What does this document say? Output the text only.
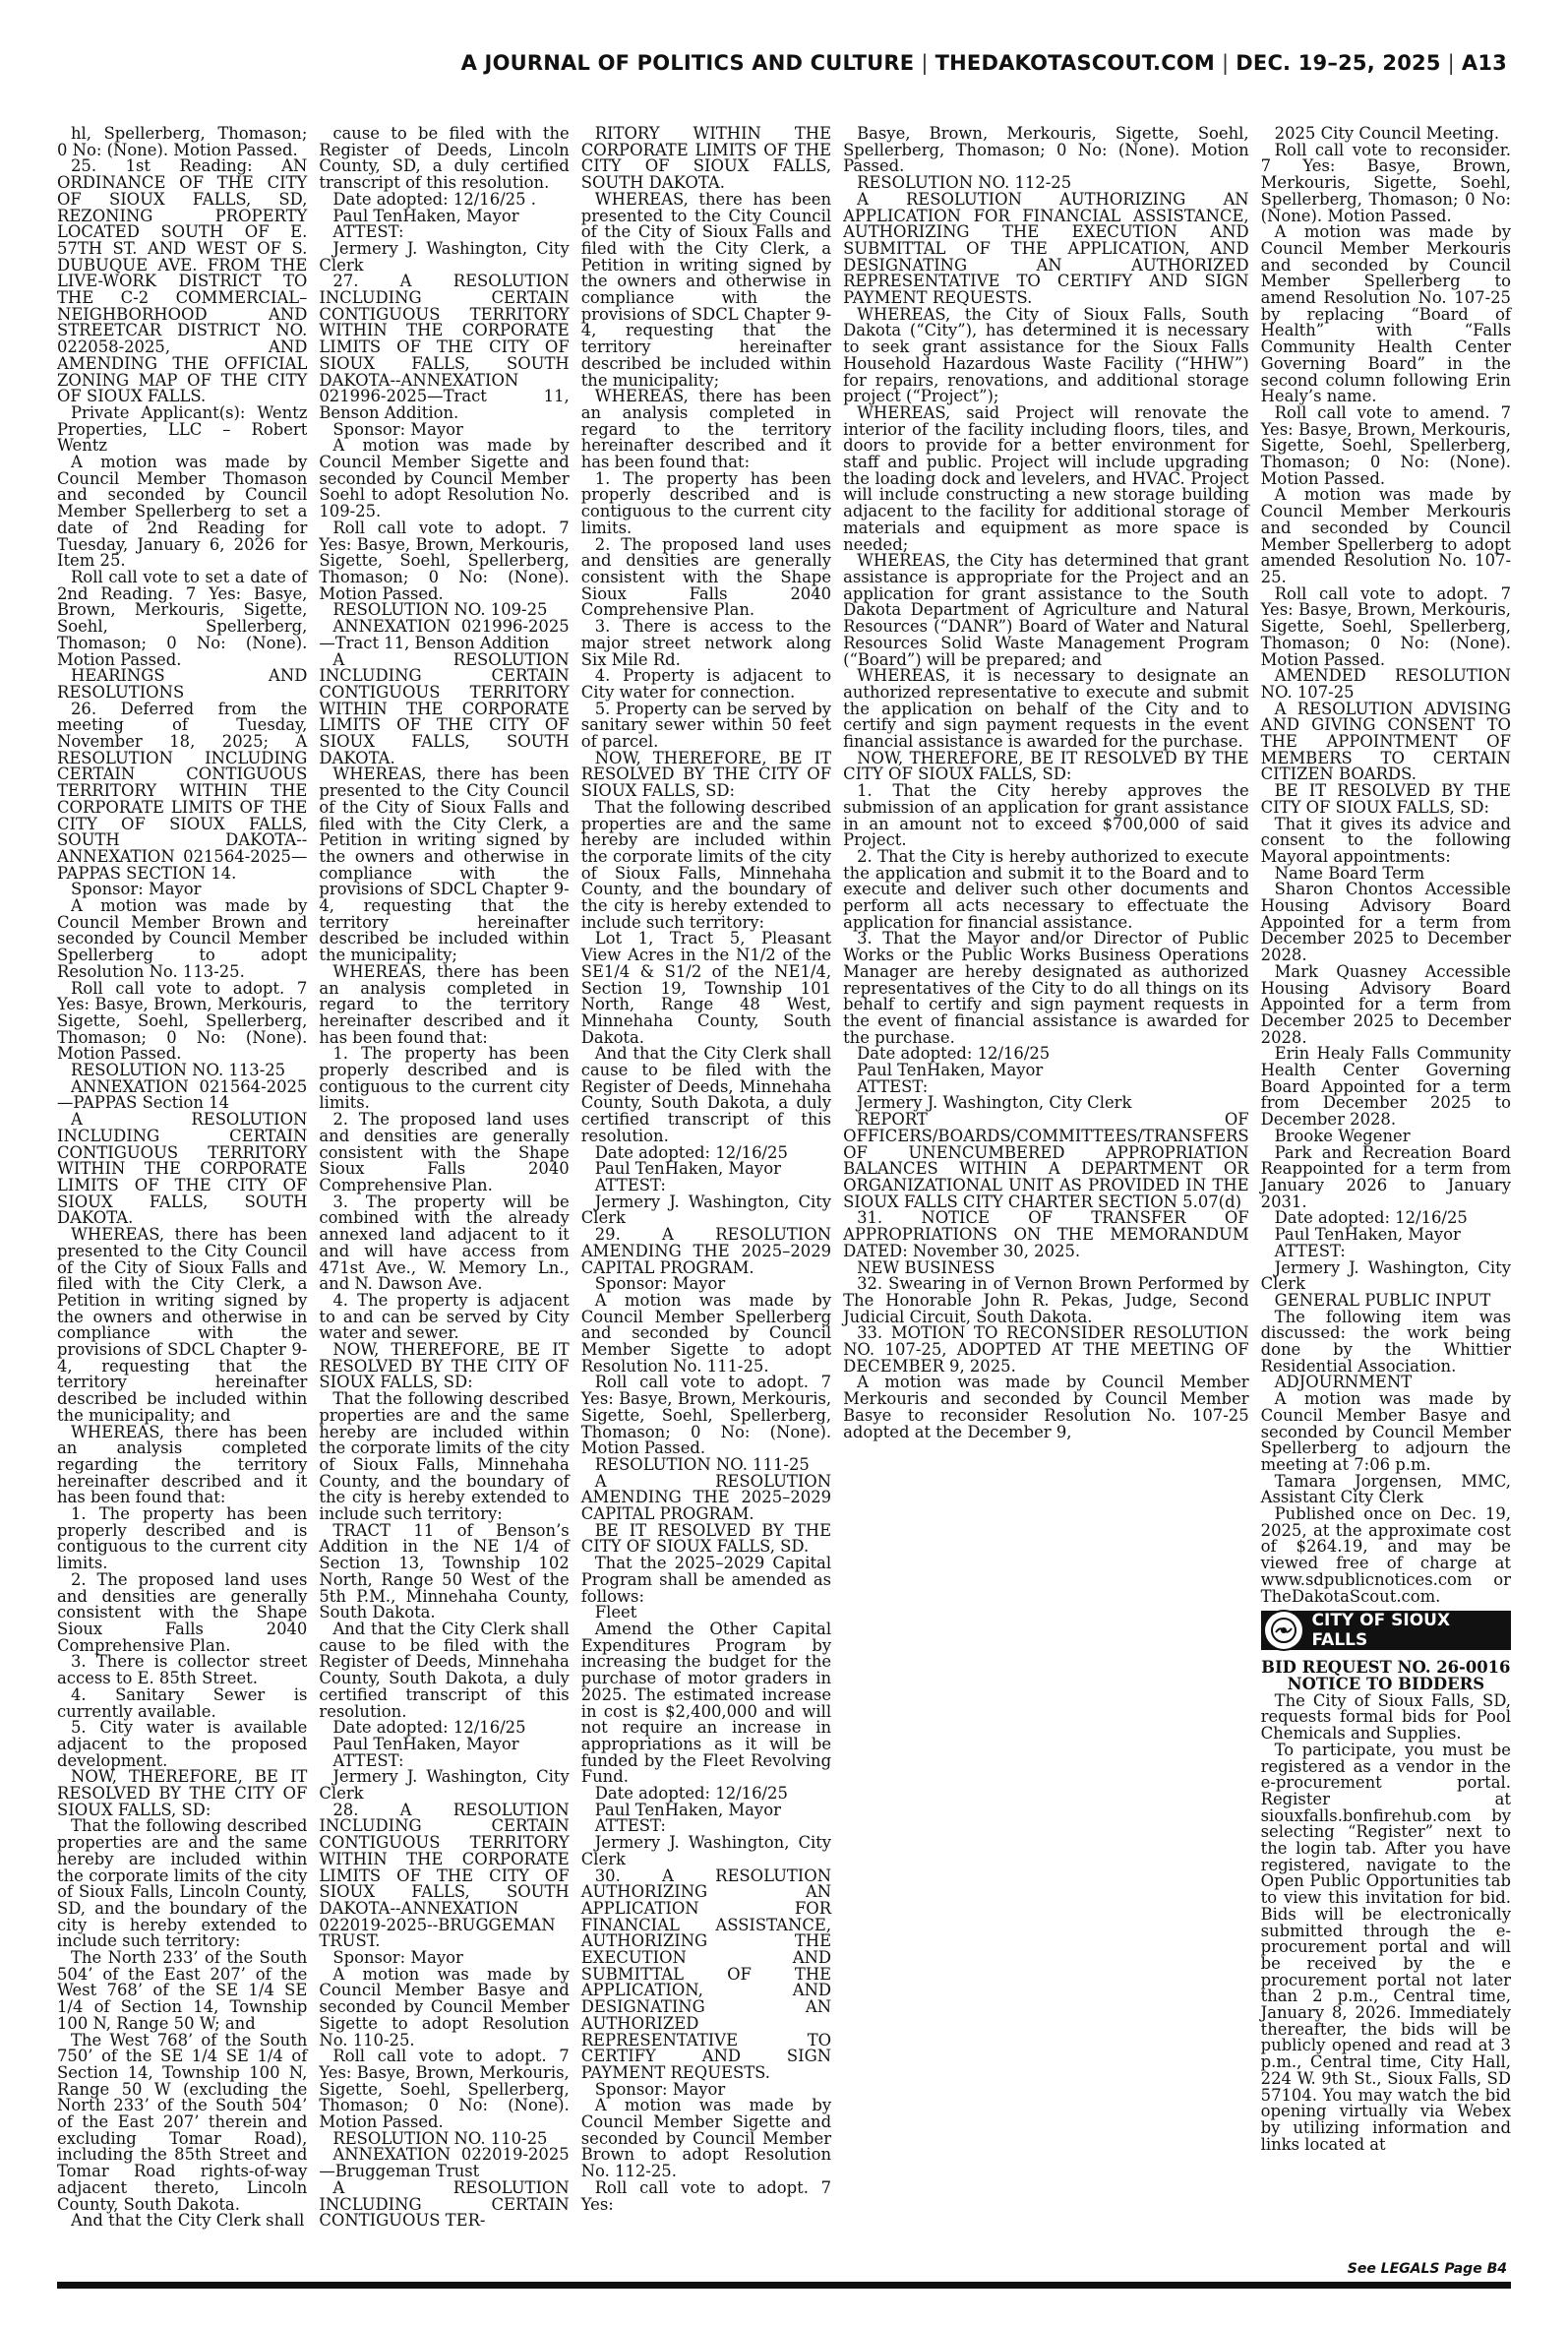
A JOURNAL OF POLITICS AND CULTURE | THEDAKOTASCOUT.COM | DEC. 19–25, 2025 | A13

hl, Spellerberg, Thomason; 0 No: (None). Motion Passed.

25. 1st Reading: AN ORDINANCE OF THE CITY OF SIOUX FALLS, SD, REZONING PROPERTY LOCATED SOUTH OF E. 57TH ST. AND WEST OF S. DUBUQUE AVE. FROM THE LIVE-WORK DISTRICT TO THE C-2 COMMERCIAL–NEIGHBORHOOD AND STREETCAR DISTRICT NO. 022058-2025, AND AMENDING THE OFFICIAL ZONING MAP OF THE CITY OF SIOUX FALLS.

Private Applicant(s): Wentz Properties, LLC – Robert Wentz

A motion was made by Council Member Thomason and seconded by Council Member Spellerberg to set a date of 2nd Reading for Tuesday, January 6, 2026 for Item 25.

Roll call vote to set a date of 2nd Reading. 7 Yes: Basye, Brown, Merkouris, Sigette, Soehl, Spellerberg, Thomason; 0 No: (None). Motion Passed.

HEARINGS AND RESOLUTIONS

26. Deferred from the meeting of Tuesday, November 18, 2025; A RESOLUTION INCLUDING CERTAIN CONTIGUOUS TERRITORY WITHIN THE CORPORATE LIMITS OF THE CITY OF SIOUX FALLS, SOUTH DAKOTA--ANNEXATION 021564-2025—PAPPAS SECTION 14.

Sponsor: Mayor

A motion was made by Council Member Brown and seconded by Council Member Spellerberg to adopt Resolution No. 113-25.

Roll call vote to adopt. 7 Yes: Basye, Brown, Merkouris, Sigette, Soehl, Spellerberg, Thomason; 0 No: (None). Motion Passed.

RESOLUTION NO. 113-25

ANNEXATION 021564-2025—PAPPAS Section 14

A RESOLUTION INCLUDING CERTAIN CONTIGUOUS TERRITORY WITHIN THE CORPORATE LIMITS OF THE CITY OF SIOUX FALLS, SOUTH DAKOTA.

WHEREAS, there has been presented to the City Council of the City of Sioux Falls and filed with the City Clerk, a Petition in writing signed by the owners and otherwise in compliance with the provisions of SDCL Chapter 9-4, requesting that the territory hereinafter described be included within the municipality; and

WHEREAS, there has been an analysis completed regarding the territory hereinafter described and it has been found that:

1. The property has been properly described and is contiguous to the current city limits.

2. The proposed land uses and densities are generally consistent with the Shape Sioux Falls 2040 Comprehensive Plan.

3. There is collector street access to E. 85th Street.

4. Sanitary Sewer is currently available.

5. City water is available adjacent to the proposed development.

NOW, THEREFORE, BE IT RESOLVED BY THE CITY OF SIOUX FALLS, SD:

That the following described properties are and the same hereby are included within the corporate limits of the city of Sioux Falls, Lincoln County, SD, and the boundary of the city is hereby extended to include such territory:

The North 233’ of the South 504’ of the East 207’ of the West 768’ of the SE 1/4 SE 1/4 of Section 14, Township 100 N, Range 50 W; and

The West 768’ of the South 750’ of the SE 1/4 SE 1/4 of Section 14, Township 100 N, Range 50 W (excluding the North 233’ of the South 504’ of the East 207’ therein and excluding Tomar Road), including the 85th Street and Tomar Road rights-of-way adjacent thereto, Lincoln County, South Dakota.

And that the City Clerk shall

cause to be filed with the Register of Deeds, Lincoln County, SD, a duly certified transcript of this resolution.

Date adopted: 12/16/25 .

Paul TenHaken, Mayor

ATTEST:

Jermery J. Washington, City Clerk

27. A RESOLUTION INCLUDING CERTAIN CONTIGUOUS TERRITORY WITHIN THE CORPORATE LIMITS OF THE CITY OF SIOUX FALLS, SOUTH DAKOTA--ANNEXATION 021996-2025—Tract 11, Benson Addition.

Sponsor: Mayor

A motion was made by Council Member Sigette and seconded by Council Member Soehl to adopt Resolution No. 109-25.

Roll call vote to adopt. 7 Yes: Basye, Brown, Merkouris, Sigette, Soehl, Spellerberg, Thomason; 0 No: (None). Motion Passed.

RESOLUTION NO. 109-25

ANNEXATION 021996-2025—Tract 11, Benson Addition

A RESOLUTION INCLUDING CERTAIN CONTIGUOUS TERRITORY WITHIN THE CORPORATE LIMITS OF THE CITY OF SIOUX FALLS, SOUTH DAKOTA.

WHEREAS, there has been presented to the City Council of the City of Sioux Falls and filed with the City Clerk, a Petition in writing signed by the owners and otherwise in compliance with the provisions of SDCL Chapter 9-4, requesting that the territory hereinafter described be included within the municipality;

WHEREAS, there has been an analysis completed in regard to the territory hereinafter described and it has been found that:

1. The property has been properly described and is contiguous to the current city limits.

2. The proposed land uses and densities are generally consistent with the Shape Sioux Falls 2040 Comprehensive Plan.

3. The property will be combined with the already annexed land adjacent to it and will have access from 471st Ave., W. Memory Ln., and N. Dawson Ave.

4. The property is adjacent to and can be served by City water and sewer.

NOW, THEREFORE, BE IT RESOLVED BY THE CITY OF SIOUX FALLS, SD:

That the following described properties are and the same hereby are included within the corporate limits of the city of Sioux Falls, Minnehaha County, and the boundary of the city is hereby extended to include such territory:

TRACT 11 of Benson’s Addition in the NE 1/4 of Section 13, Township 102 North, Range 50 West of the 5th P.M., Minnehaha County, South Dakota.

And that the City Clerk shall cause to be filed with the Register of Deeds, Minnehaha County, South Dakota, a duly certified transcript of this resolution.

Date adopted: 12/16/25

Paul TenHaken, Mayor

ATTEST:

Jermery J. Washington, City Clerk

28. A RESOLUTION INCLUDING CERTAIN CONTIGUOUS TERRITORY WITHIN THE CORPORATE LIMITS OF THE CITY OF SIOUX FALLS, SOUTH DAKOTA--ANNEXATION 022019-2025--BRUGGEMAN TRUST.

Sponsor: Mayor

A motion was made by Council Member Basye and seconded by Council Member Sigette to adopt Resolution No. 110-25.

Roll call vote to adopt. 7 Yes: Basye, Brown, Merkouris, Sigette, Soehl, Spellerberg, Thomason; 0 No: (None). Motion Passed.

RESOLUTION NO. 110-25

ANNEXATION 022019-2025—Bruggeman Trust

A RESOLUTION INCLUDING CERTAIN CONTIGUOUS TER-

RITORY WITHIN THE CORPORATE LIMITS OF THE CITY OF SIOUX FALLS, SOUTH DAKOTA.

WHEREAS, there has been presented to the City Council of the City of Sioux Falls and filed with the City Clerk, a Petition in writing signed by the owners and otherwise in compliance with the provisions of SDCL Chapter 9-4, requesting that the territory hereinafter described be included within the municipality;

WHEREAS, there has been an analysis completed in regard to the territory hereinafter described and it has been found that:

1. The property has been properly described and is contiguous to the current city limits.

2. The proposed land uses and densities are generally consistent with the Shape Sioux Falls 2040 Comprehensive Plan.

3. There is access to the major street network along Six Mile Rd.

4. Property is adjacent to City water for connection.

5. Property can be served by sanitary sewer within 50 feet of parcel.

NOW, THEREFORE, BE IT RESOLVED BY THE CITY OF SIOUX FALLS, SD:

That the following described properties are and the same hereby are included within the corporate limits of the city of Sioux Falls, Minnehaha County, and the boundary of the city is hereby extended to include such territory:

Lot 1, Tract 5, Pleasant View Acres in the N1/2 of the SE1/4 & S1/2 of the NE1/4, Section 19, Township 101 North, Range 48 West, Minnehaha County, South Dakota.

And that the City Clerk shall cause to be filed with the Register of Deeds, Minnehaha County, South Dakota, a duly certified transcript of this resolution.

Date adopted: 12/16/25

Paul TenHaken, Mayor

ATTEST:

Jermery J. Washington, City Clerk

29. A RESOLUTION AMENDING THE 2025–2029 CAPITAL PROGRAM.

Sponsor: Mayor

A motion was made by Council Member Spellerberg and seconded by Council Member Sigette to adopt Resolution No. 111-25.

Roll call vote to adopt. 7 Yes: Basye, Brown, Merkouris, Sigette, Soehl, Spellerberg, Thomason; 0 No: (None). Motion Passed.

RESOLUTION NO. 111-25

A RESOLUTION AMENDING THE 2025–2029 CAPITAL PROGRAM.

BE IT RESOLVED BY THE CITY OF SIOUX FALLS, SD.

That the 2025–2029 Capital Program shall be amended as follows:

Fleet

Amend the Other Capital Expenditures Program by increasing the budget for the purchase of motor graders in 2025. The estimated increase in cost is $2,400,000 and will not require an increase in appropriations as it will be funded by the Fleet Revolving Fund.

Date adopted: 12/16/25

Paul TenHaken, Mayor

ATTEST:

Jermery J. Washington, City Clerk

30. A RESOLUTION AUTHORIZING AN APPLICATION FOR FINANCIAL ASSISTANCE, AUTHORIZING THE EXECUTION AND SUBMITTAL OF THE APPLICATION, AND DESIGNATING AN AUTHORIZED REPRESENTATIVE TO CERTIFY AND SIGN PAYMENT REQUESTS.

Sponsor: Mayor

A motion was made by Council Member Sigette and seconded by Council Member Brown to adopt Resolution No. 112-25.

Roll call vote to adopt. 7 Yes:

Basye, Brown, Merkouris, Sigette, Soehl, Spellerberg, Thomason; 0 No: (None). Motion Passed.

RESOLUTION NO. 112-25

A RESOLUTION AUTHORIZING AN APPLICATION FOR FINANCIAL ASSISTANCE, AUTHORIZING THE EXECUTION AND SUBMITTAL OF THE APPLICATION, AND DESIGNATING AN AUTHORIZED REPRESENTATIVE TO CERTIFY AND SIGN PAYMENT REQUESTS.

WHEREAS, the City of Sioux Falls, South Dakota (“City”), has determined it is necessary to seek grant assistance for the Sioux Falls Household Hazardous Waste Facility (“HHW”) for repairs, renovations, and additional storage project (“Project”);

WHEREAS, said Project will renovate the interior of the facility including floors, tiles, and doors to provide for a better environment for staff and public. Project will include upgrading the loading dock and levelers, and HVAC. Project will include constructing a new storage building adjacent to the facility for additional storage of materials and equipment as more space is needed;

WHEREAS, the City has determined that grant assistance is appropriate for the Project and an application for grant assistance to the South Dakota Department of Agriculture and Natural Resources (“DANR”) Board of Water and Natural Resources Solid Waste Management Program (“Board”) will be prepared; and

WHEREAS, it is necessary to designate an authorized representative to execute and submit the application on behalf of the City and to certify and sign payment requests in the event financial assistance is awarded for the purchase.

NOW, THEREFORE, BE IT RESOLVED BY THE CITY OF SIOUX FALLS, SD:

1. That the City hereby approves the submission of an application for grant assistance in an amount not to exceed $700,000 of said Project.

2. That the City is hereby authorized to execute the application and submit it to the Board and to execute and deliver such other documents and perform all acts necessary to effectuate the application for financial assistance.

3. That the Mayor and/or Director of Public Works or the Public Works Business Operations Manager are hereby designated as authorized representatives of the City to do all things on its behalf to certify and sign payment requests in the event of financial assistance is awarded for the purchase.

Date adopted: 12/16/25

Paul TenHaken, Mayor

ATTEST:

Jermery J. Washington, City Clerk

REPORT OF OFFICERS/BOARDS/COMMITTEES/TRANSFERS OF UNENCUMBERED APPROPRIATION BALANCES WITHIN A DEPARTMENT OR ORGANIZATIONAL UNIT AS PROVIDED IN THE SIOUX FALLS CITY CHARTER SECTION 5.07(d)

31. NOTICE OF TRANSFER OF APPROPRIATIONS ON THE MEMORANDUM DATED: November 30, 2025.

NEW BUSINESS

32. Swearing in of Vernon Brown Performed by The Honorable John R. Pekas, Judge, Second Judicial Circuit, South Dakota.

33. MOTION TO RECONSIDER RESOLUTION NO. 107-25, ADOPTED AT THE MEETING OF DECEMBER 9, 2025.

A motion was made by Council Member Merkouris and seconded by Council Member Basye to reconsider Resolution No. 107-25 adopted at the December 9,

2025 City Council Meeting.

Roll call vote to reconsider. 7 Yes: Basye, Brown, Merkouris, Sigette, Soehl, Spellerberg, Thomason; 0 No: (None). Motion Passed.

A motion was made by Council Member Merkouris and seconded by Council Member Spellerberg to amend Resolution No. 107-25 by replacing “Board of Health” with “Falls Community Health Center Governing Board” in the second column following Erin Healy’s name.

Roll call vote to amend. 7 Yes: Basye, Brown, Merkouris, Sigette, Soehl, Spellerberg, Thomason; 0 No: (None). Motion Passed.

A motion was made by Council Member Merkouris and seconded by Council Member Spellerberg to adopt amended Resolution No. 107-25.

Roll call vote to adopt. 7 Yes: Basye, Brown, Merkouris, Sigette, Soehl, Spellerberg, Thomason; 0 No: (None). Motion Passed.

AMENDED RESOLUTION NO. 107-25

A RESOLUTION ADVISING AND GIVING CONSENT TO THE APPOINTMENT OF MEMBERS TO CERTAIN CITIZEN BOARDS.

BE IT RESOLVED BY THE CITY OF SIOUX FALLS, SD:

That it gives its advice and consent to the following Mayoral appointments:

Name Board Term

Sharon Chontos Accessible Housing Advisory Board Appointed for a term from December 2025 to December 2028.

Mark Quasney Accessible Housing Advisory Board Appointed for a term from December 2025 to December 2028.

Erin Healy Falls Community Health Center Governing Board Appointed for a term from December 2025 to December 2028.

Brooke Wegener

Park and Recreation Board Reappointed for a term from January 2026 to January 2031.

Date adopted: 12/16/25

Paul TenHaken, Mayor

ATTEST:

Jermery J. Washington, City Clerk

GENERAL PUBLIC INPUT

The following item was discussed: the work being done by the Whittier Residential Association.

ADJOURNMENT

A motion was made by Council Member Basye and seconded by Council Member Spellerberg to adjourn the meeting at 7:06 p.m.

Tamara Jorgensen, MMC, Assistant City Clerk

Published once on Dec. 19, 2025, at the approximate cost of $264.19, and may be viewed free of charge at www.sdpublicnotices.com or TheDakotaScout.com.

CITY OF SIOUX FALLS

BID REQUEST NO. 26-0016

NOTICE TO BIDDERS

The City of Sioux Falls, SD, requests formal bids for Pool Chemicals and Supplies.

To participate, you must be registered as a vendor in the e-procurement portal. Register at siouxfalls.bonfirehub.com by selecting “Register” next to the login tab. After you have registered, navigate to the Open Public Opportunities tab to view this invitation for bid. Bids will be electronically submitted through the e-procurement portal and will be received by the e procurement portal not later than 2 p.m., Central time, January 8, 2026. Immediately thereafter, the bids will be publicly opened and read at 3 p.m., Central time, City Hall, 224 W. 9th St., Sioux Falls, SD 57104. You may watch the bid opening virtually via Webex by utilizing information and links located at

See LEGALS Page B4
